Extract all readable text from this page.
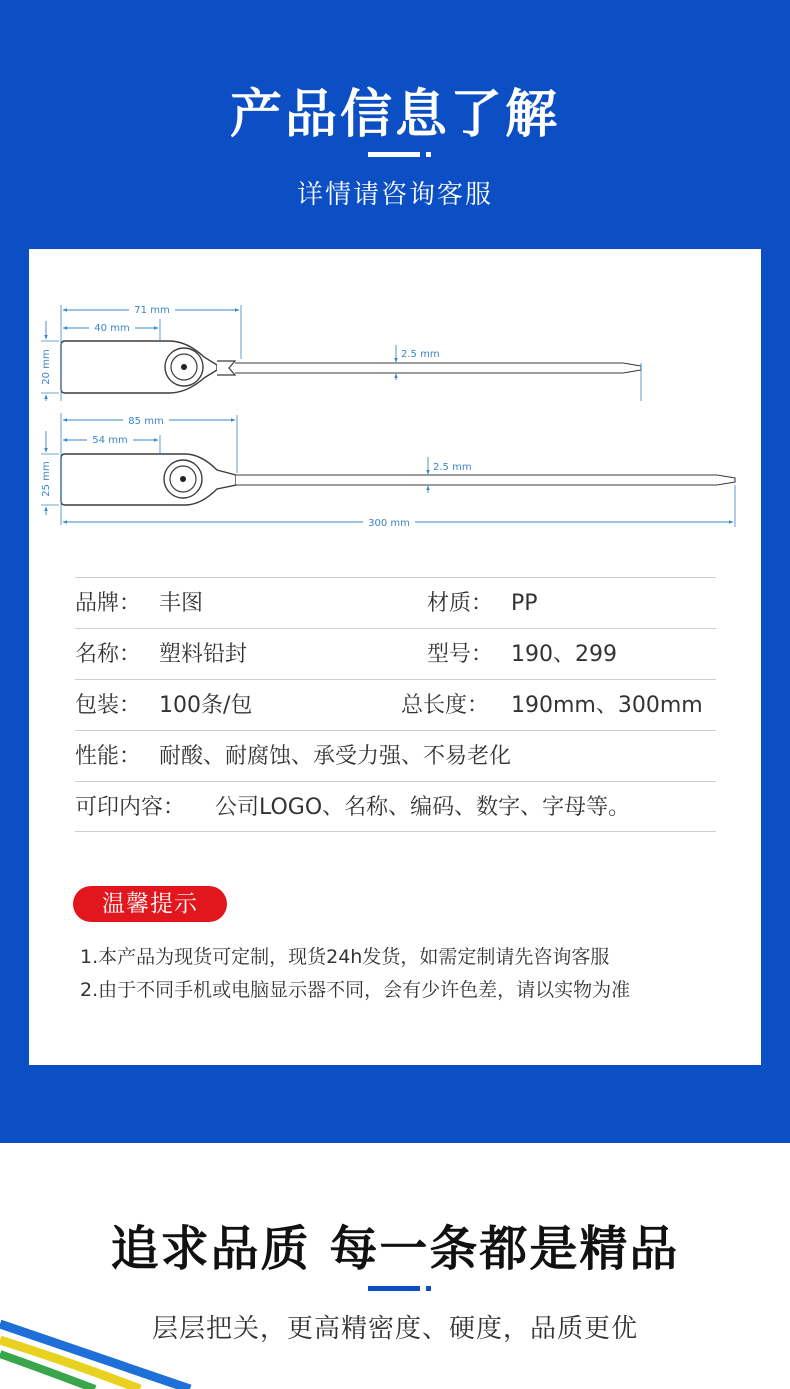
产品信息了解
详情请咨询客服
71 mm
40 mm
20 mm	2.5 mm
85 mm
54 mm
25 mm	2.5 mm
300 mm
品牌： 丰图	材质： PP
名称： 塑料铅封	型号： 190、299
包装： 100条/包	总长度： 190mm、300mm
性能： 耐酸、耐腐蚀、承受力强、不易老化
可印内容： 公司LOGO、名称、编码、数字、字母等。
温馨提示
1.本产品为现货可定制，现货24h发货，如需定制请先咨询客服
2.由于不同手机或电脑显示器不同，会有少许色差，请以实物为准
追求品质 每一条都是精品
层层把关，更高精密度、硬度，品质更优
